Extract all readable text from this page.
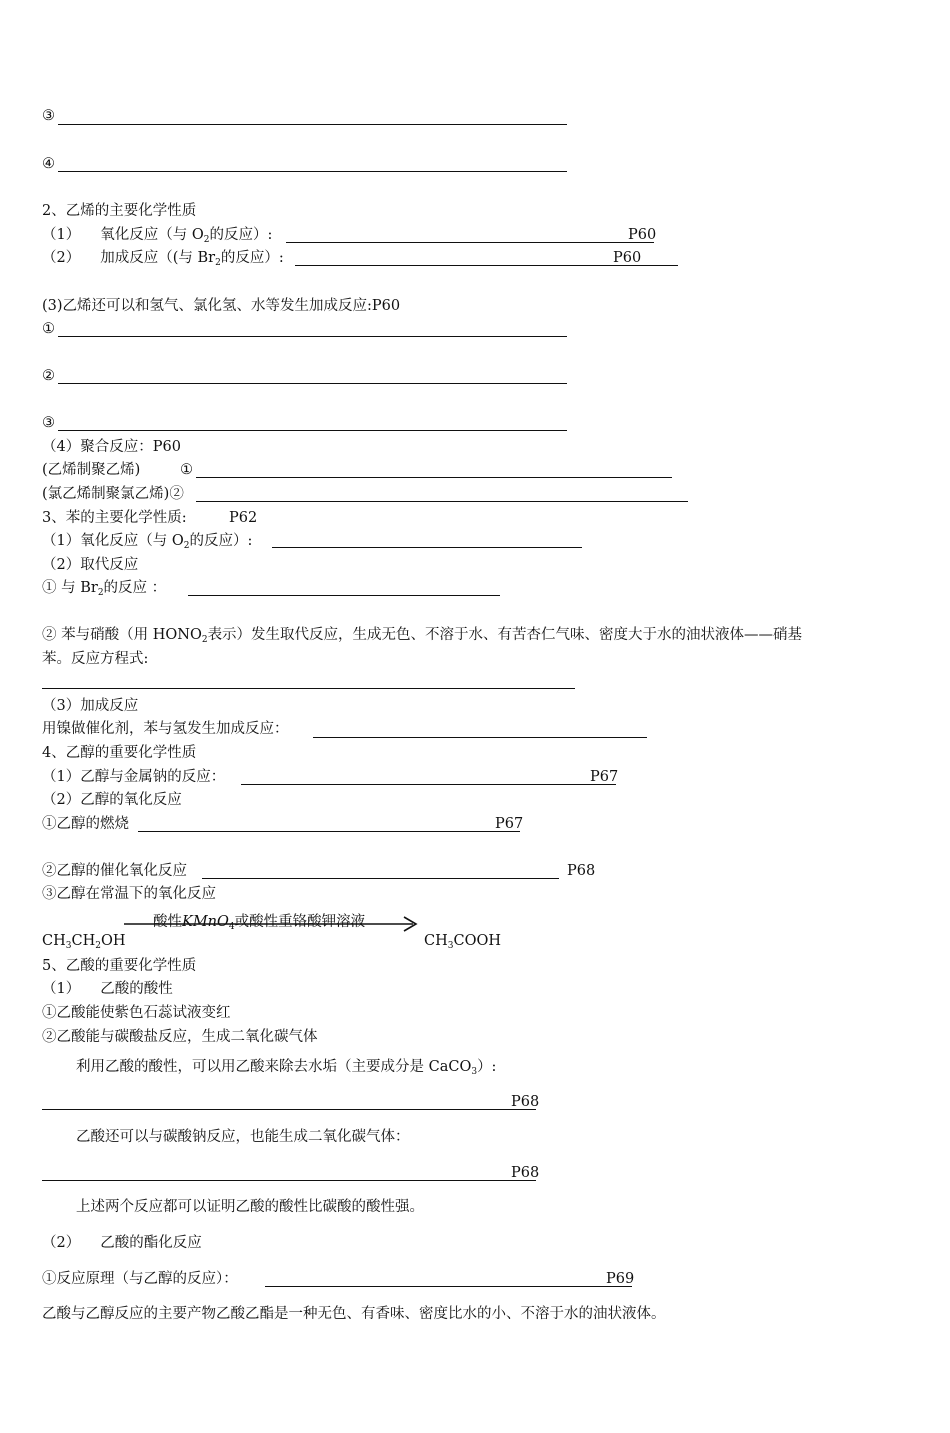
③
④
2、乙烯的主要化学性质
（1） 氧化反应（与 $O_2$的反应）:	P60
（2） 加成反应（(与 $Br_2$的反应）:	P60
(3)乙烯还可以和氢气、氯化氢、水等发生加成反应:P60
①
②
③
（4）聚合反应：P60
(乙烯制聚乙烯)	①
(氯乙烯制聚氯乙烯)②
3、苯的主要化学性质:	P62
（1）氧化反应（与 $O_2$的反应）:
（2）取代反应
① 与 $Br_2$的反应 ：
② 苯与硝酸（用 $HONO_2$表示）发生取代反应，生成无色、不溶于水、有苦杏仁气味、密度大于水的油状液体——硝基
苯。反应方程式:
（3）加成反应
用镍做催化剂，苯与氢发生加成反应：
4、乙醇的重要化学性质
（1）乙醇与金属钠的反应：	P67
（2）乙醇的氧化反应
①乙醇的燃烧	P67
②乙醇的催化氧化反应	P68
③乙醇在常温下的氧化反应
酸性KMnO$_4$或酸性重铬酸钾溶液
$CH_3CH_2OH$	$CH_3COOH$
5、乙酸的重要化学性质
（1） 乙酸的酸性
①乙酸能使紫色石蕊试液变红
②乙酸能与碳酸盐反应，生成二氧化碳气体
利用乙酸的酸性，可以用乙酸来除去水垢（主要成分是 CaCO$_3$）:
P68
乙酸还可以与碳酸钠反应，也能生成二氧化碳气体：
P68
上述两个反应都可以证明乙酸的酸性比碳酸的酸性强。
（2） 乙酸的酯化反应
①反应原理（与乙醇的反应）：	P69
乙酸与乙醇反应的主要产物乙酸乙酯是一种无色、有香味、密度比水的小、不溶于水的油状液体。
